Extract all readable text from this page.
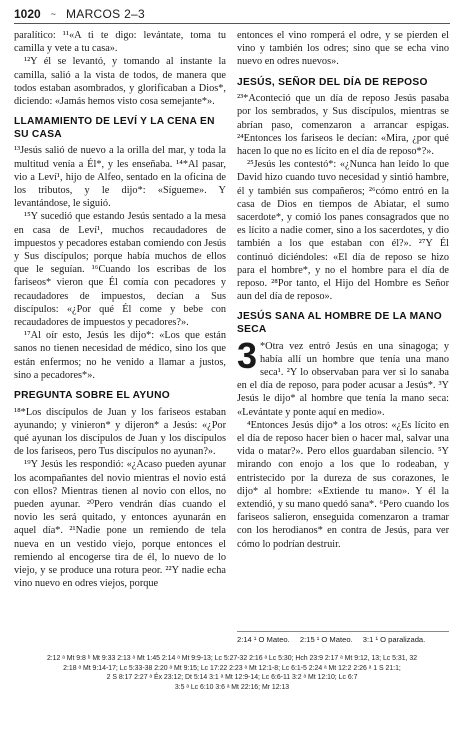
1020 ~ MARCOS 2–3

paralítico: ¹¹«A ti te digo: levántate, toma tu camilla y vete a tu casa».

¹²Y él se levantó, y tomando al instante la camilla, salió a la vista de todos, de manera que todos estaban asombrados, y glorificaban a Dios*, diciendo: «Jamás hemos visto cosa semejante*».

LLAMAMIENTO DE LEVÍ Y LA CENA EN SU CASA

¹³Jesús salió de nuevo a la orilla del mar, y toda la multitud venía a Él*, y les enseñaba. ¹⁴*Al pasar, vio a Leví¹, hijo de Alfeo, sentado en la oficina de los tributos, y le dijo*: «Sígueme». Y levantándose, le siguió.

¹⁵Y sucedió que estando Jesús sentado a la mesa en casa de Leví¹, muchos recaudadores de impuestos y pecadores estaban comiendo con Jesús y Sus discípulos; porque había muchos de ellos que le seguían. ¹⁶Cuando los escribas de los fariseos* vieron que Él comía con pecadores y recaudadores de impuestos, decían a Sus discípulos: «¿Por qué Él come y bebe con recaudadores de impuestos y pecadores?».

¹⁷Al oír esto, Jesús les dijo*: «Los que están sanos no tienen necesidad de médico, sino los que están enfermos; no he venido a llamar a justos, sino a pecadores*».

PREGUNTA SOBRE EL AYUNO

¹⁸*Los discípulos de Juan y los fariseos estaban ayunando; y vinieron* y dijeron* a Jesús: «¿Por qué ayunan los discípulos de Juan y los discípulos de los fariseos, pero Tus discípulos no ayunan?».

¹⁹Y Jesús les respondió: «¿Acaso pueden ayunar los acompañantes del novio mientras el novio está con ellos? Mientras tienen al novio con ellos, no pueden ayunar. ²⁰Pero vendrán días cuando el novio les será quitado, y entonces ayunarán en aquel día*. ²¹Nadie pone un remiendo de tela nueva en un vestido viejo, porque entonces el remiendo al encogerse tira de él, lo nuevo de lo viejo, y se produce una rotura peor. ²²Y nadie echa vino nuevo en odres viejos, porque

entonces el vino romperá el odre, y se pierden el vino y también los odres; sino que se echa vino nuevo en odres nuevos».

JESÚS, SEÑOR DEL DÍA DE REPOSO

²³*Aconteció que un día de reposo Jesús pasaba por los sembrados, y Sus discípulos, mientras se abrían paso, comenzaron a arrancar espigas. ²⁴Entonces los fariseos le decían: «Mira, ¿por qué hacen lo que no es lícito en el día de reposo*?».

²⁵Jesús les contestó*: «¿Nunca han leído lo que David hizo cuando tuvo necesidad y sintió hambre, él y también sus compañeros; ²⁶cómo entró en la casa de Dios en tiempos de Abiatar, el sumo sacerdote*, y comió los panes consagrados que no es lícito a nadie comer, sino a los sacerdotes, y dio también a los que estaban con él?». ²⁷Y Él continuó diciéndoles: «El día de reposo se hizo para el hombre*, y no el hombre para el día de reposo. ²⁸Por tanto, el Hijo del Hombre es Señor aun del día de reposo».

JESÚS SANA AL HOMBRE DE LA MANO SECA
3 *Otra vez entró Jesús en una sinagoga; y había allí un hombre que tenía una mano seca¹. ²Y lo observaban para ver si lo sanaba en el día de reposo, para poder acusar a Jesús*. ³Y Jesús le dijo* al hombre que tenía la mano seca: «Levántate y ponte aquí en medio».

⁴Entonces Jesús dijo* a los otros: «¿Es lícito en el día de reposo hacer bien o hacer mal, salvar una vida o matar?». Pero ellos guardaban silencio. ⁵Y mirando con enojo a los que lo rodeaban, y entristecido por la dureza de sus corazones, le dijo* al hombre: «Extiende tu mano». Y él la extendió, y su mano quedó sana*. ⁶Pero cuando los fariseos salieron, enseguida comenzaron a tramar con los herodianos* en contra de Jesús, para ver cómo lo podrían destruir.

2:14 ¹ O Mateo. 2:15 ¹ O Mateo. 3:1 ¹ O paralizada.
2:12 ᵃ Mt 9:8 ᵇ Mt 9:33 2:13 ᵃ Mt 1:45 2:14 ᵃ Mt 9:9-13; Lc 5:27-32 2:16 ᵃ Lc 5:30; Hch 23:9 2:17 ᵃ Mt 9:12, 13; Lc 5:31, 32
2:18 ᵃ Mt 9:14-17; Lc 5:33-38 2:20 ᵃ Mt 9:15; Lc 17:22 2:23 ᵃ Mt 12:1-8; Lc 6:1-5 2:24 ᵃ Mt 12:2 2:26 ᵃ 1 S 21:1;
2 S 8:17 2:27 ᵃ Éx 23:12; Dt 5:14 3:1 ᵃ Mt 12:9-14; Lc 6:6-11 3:2 ᵃ Mt 12:10; Lc 6:7
3:5 ᵃ Lc 6:10 3:6 ᵃ Mt 22:16; Mr 12:13
